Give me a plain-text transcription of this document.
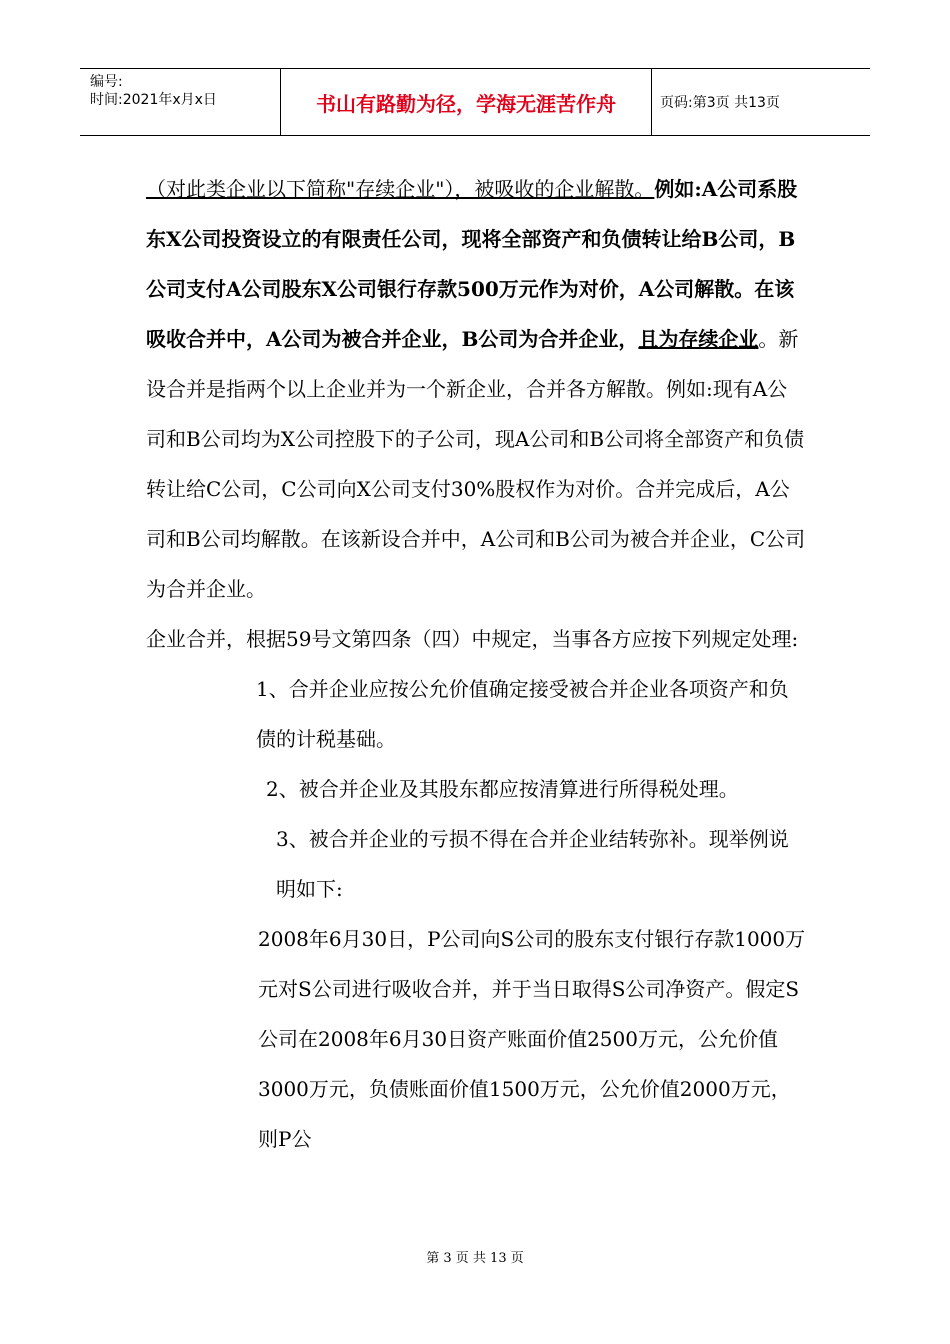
编号:
时间:2021年x月x日	书山有路勤为径，学海无涯苦作舟	页码:第3页 共13页

（对此类企业以下简称"存续企业"），被吸收的企业解散。例如:A公司系股东X公司投资设立的有限责任公司，现将全部资产和负债转让给B公司，B公司支付A公司股东X公司银行存款500万元作为对价，A公司解散。在该吸收合并中，A公司为被合并企业，B公司为合并企业，且为存续企业。新设合并是指两个以上企业并为一个新企业，合并各方解散。例如:现有A公司和B公司均为X公司控股下的子公司，现A公司和B公司将全部资产和负债转让给C公司，C公司向X公司支付30%股权作为对价。合并完成后，A公司和B公司均解散。在该新设合并中，A公司和B公司为被合并企业，C公司为合并企业。

企业合并，根据59号文第四条（四）中规定，当事各方应按下列规定处理:

1、合并企业应按公允价值确定接受被合并企业各项资产和负债的计税基础。

2、被合并企业及其股东都应按清算进行所得税处理。

3、被合并企业的亏损不得在合并企业结转弥补。现举例说明如下:

2008年6月30日，P公司向S公司的股东支付银行存款1000万元对S公司进行吸收合并，并于当日取得S公司净资产。假定S公司在2008年6月30日资产账面价值2500万元，公允价值3000万元，负债账面价值1500万元，公允价值2000万元，则P公

第 3 页 共 13 页
